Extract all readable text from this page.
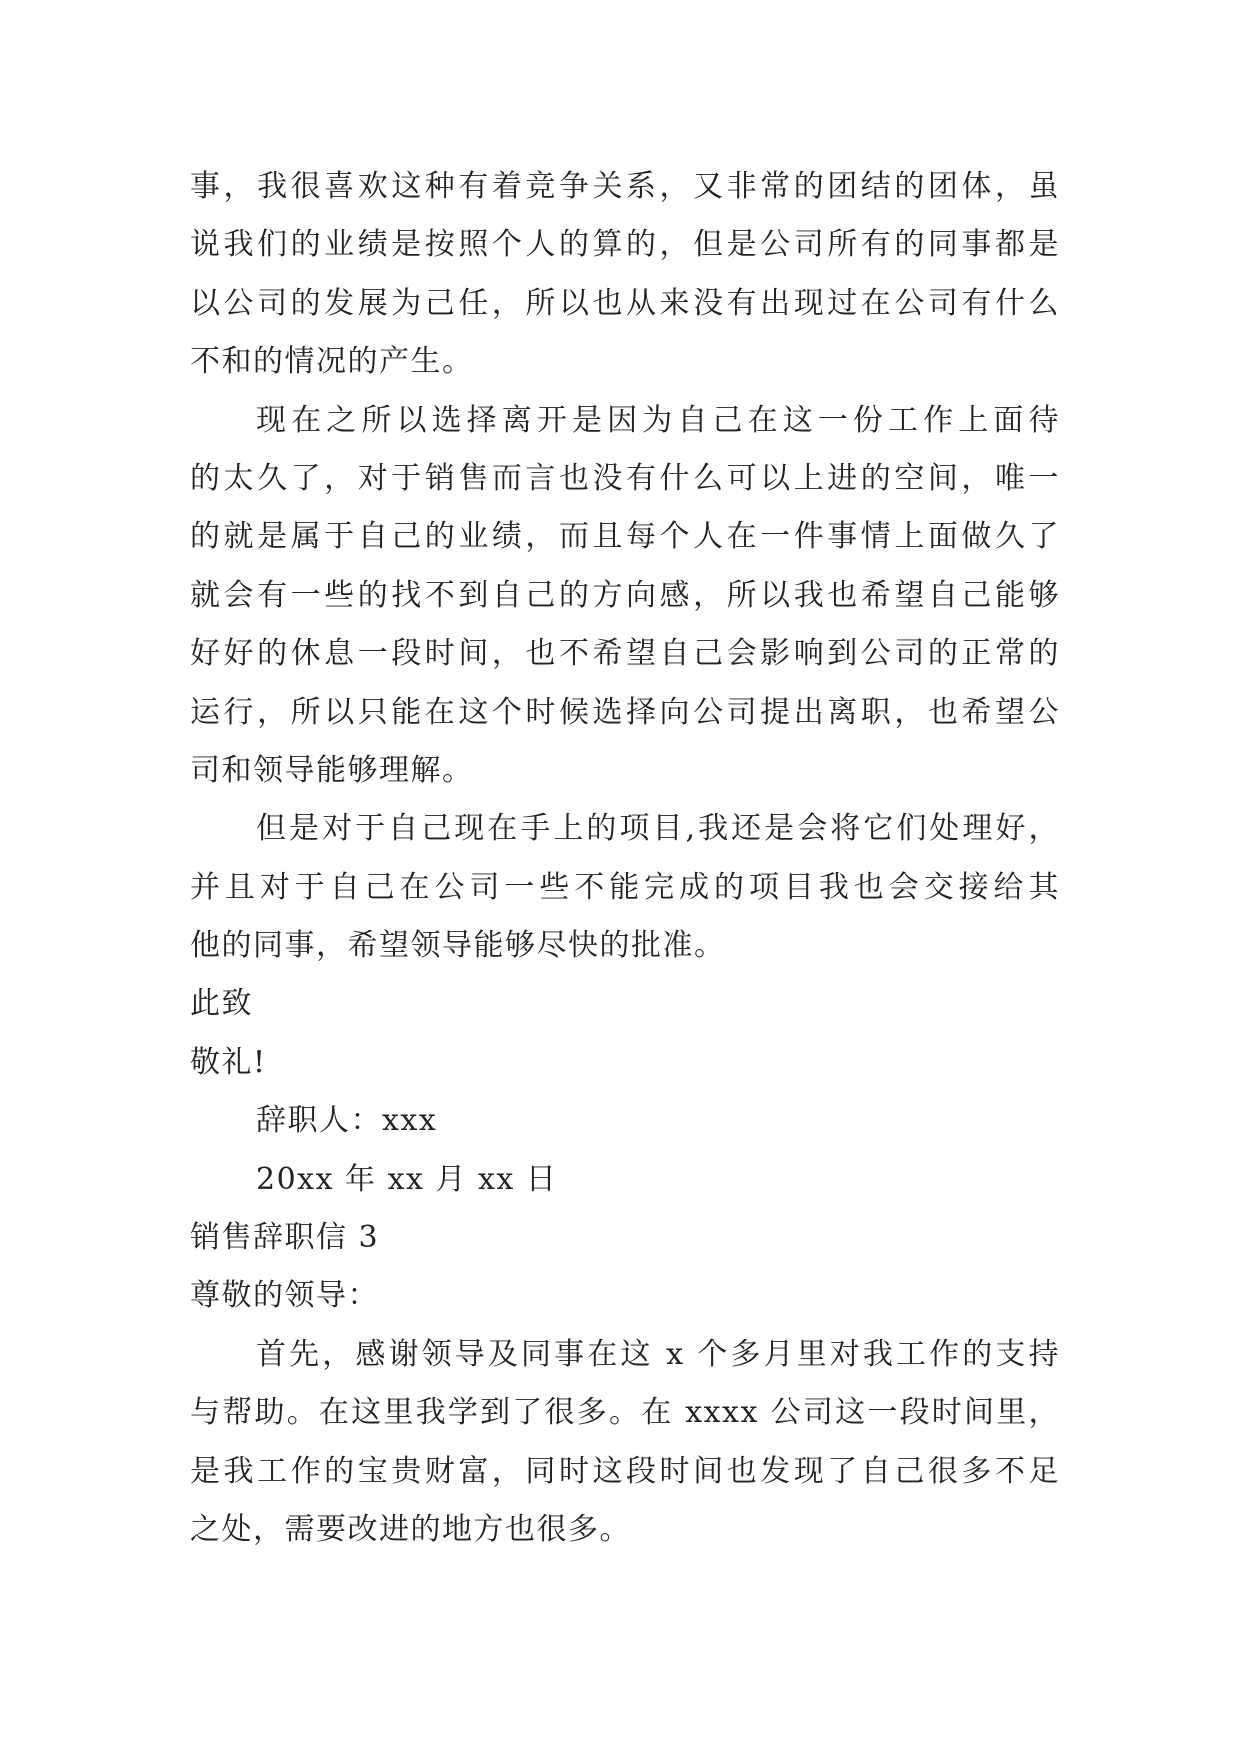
事，我很喜欢这种有着竞争关系，又非常的团结的团体，虽
说我们的业绩是按照个人的算的，但是公司所有的同事都是
以公司的发展为己任，所以也从来没有出现过在公司有什么
不和的情况的产生。
现在之所以选择离开是因为自己在这一份工作上面待
的太久了，对于销售而言也没有什么可以上进的空间，唯一
的就是属于自己的业绩，而且每个人在一件事情上面做久了
就会有一些的找不到自己的方向感，所以我也希望自己能够
好好的休息一段时间，也不希望自己会影响到公司的正常的
运行，所以只能在这个时候选择向公司提出离职，也希望公
司和领导能够理解。
但是对于自己现在手上的项目,我还是会将它们处理好，
并且对于自己在公司一些不能完成的项目我也会交接给其
他的同事，希望领导能够尽快的批准。
此致
敬礼!
辞职人：xxx
20xx 年 xx 月 xx 日
销售辞职信 3
尊敬的领导：
首先，感谢领导及同事在这 x 个多月里对我工作的支持
与帮助。在这里我学到了很多。在 xxxx 公司这一段时间里，
是我工作的宝贵财富，同时这段时间也发现了自己很多不足
之处，需要改进的地方也很多。
